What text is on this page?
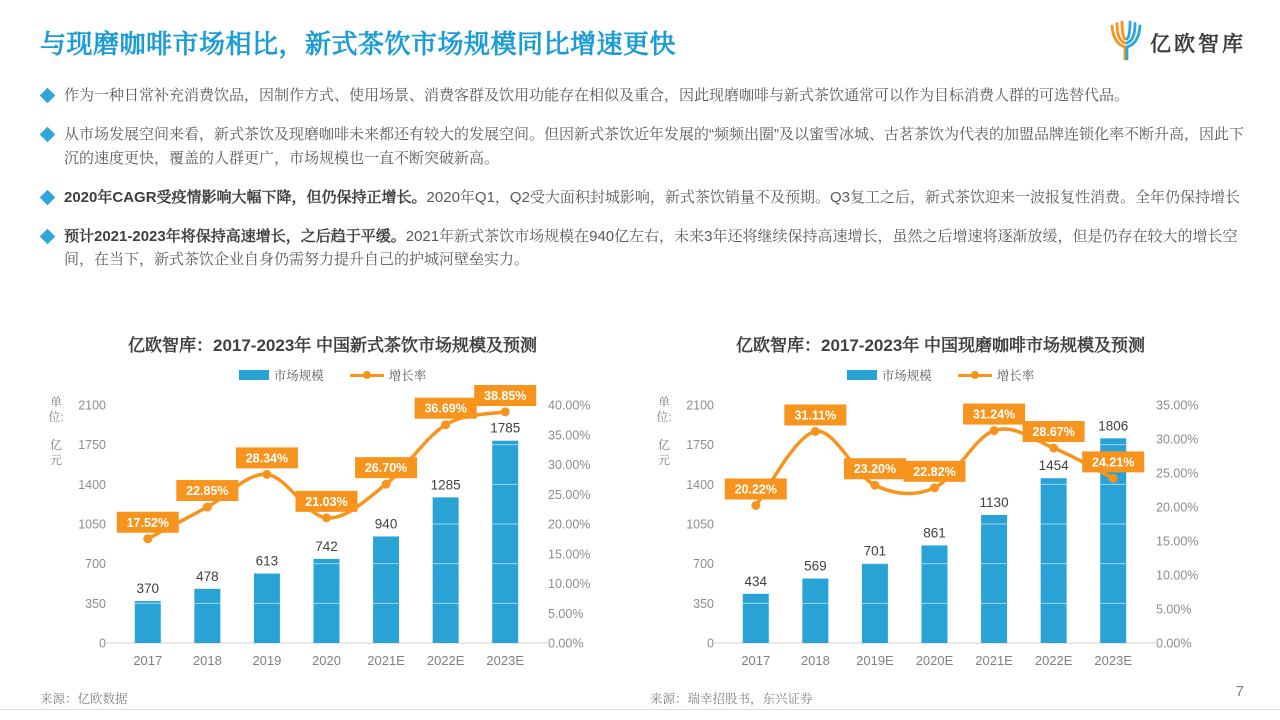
与现磨咖啡市场相比，新式茶饮市场规模同比增速更快	亿欧智库
作为一种日常补充消费饮品，因制作方式、使用场景、消费客群及饮用功能存在相似及重合，因此现磨咖啡与新式茶饮通常可以作为目标消费人群的可选替代品。
从市场发展空间来看，新式茶饮及现磨咖啡未来都还有较大的发展空间。但因新式茶饮近年发展的“频频出圈”及以蜜雪冰城、古茗茶饮为代表的加盟品牌连锁化率不断升高，因此下沉的速度更快，覆盖的人群更广，市场规模也一直不断突破新高。
2020年CAGR受疫情影响大幅下降，但仍保持正增长。2020年Q1，Q2受大面积封城影响，新式茶饮销量不及预期。Q3复工之后，新式茶饮迎来一波报复性消费。全年仍保持增长
预计2021-2023年将保持高速增长，之后趋于平缓。2021年新式茶饮市场规模在940亿左右，未来3年还将继续保持高速增长，虽然之后增速将逐渐放缓，但是仍存在较大的增长空间，在当下，新式茶饮企业自身仍需努力提升自己的护城河壁垒实力。
亿欧智库：2017-2023年 中国新式茶饮市场规模及预测
市场规模	增长率
单
位:
亿
元
0
350
700
1050
1400
1750
2100
0.00%
5.00%
10.00%
15.00%
20.00%
25.00%
30.00%
35.00%
40.00%
370
478
613
742
940
1285
1785
17.52%
22.85%
28.34%
21.03%
26.70%
36.69%
38.85%
2017 2018 2019 2020 2021E 2022E 2023E
亿欧智库：2017-2023年 中国现磨咖啡市场规模及预测
市场规模	增长率
单
位:
亿
元
0
350
700
1050
1400
1750
2100
0.00%
5.00%
10.00%
15.00%
20.00%
25.00%
30.00%
35.00%
434
569
701
861
1130
1454
1806
20.22%
31.11%
23.20% 22.82%
31.24%
28.67%
24.21%
2017 2018 2019E 2020E 2021E 2022E 2023E
来源：亿欧数据	来源：瑞幸招股书，东兴证券	7
